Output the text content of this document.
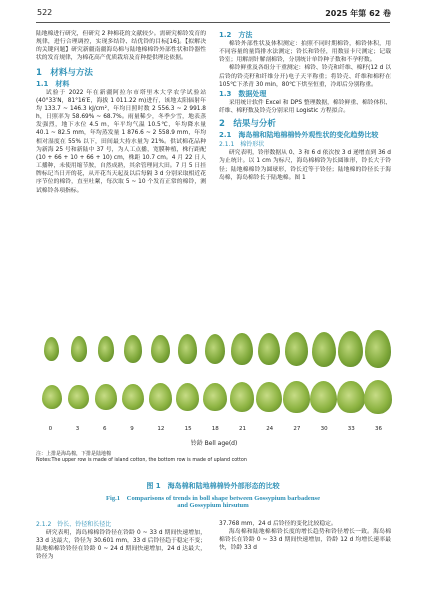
522	2025 年第 62 卷

陆地棉进行研究，但研究 2 种棉花的文献较少。需研究棉铃发育的规律，进行合理调控，实现多结铃、结优铃的目标[16]。【拟解决的关键问题】研究新疆南疆海岛棉与陆地棉棉铃外部性状和铃器性状的发育规律，为棉花高产优质栽培及育种提供理论依据。

1　材料与方法
1.1　材料

试验于 2022 年在新疆阿拉尔市塔里木大学农学试验站(40°33′N，81°16′E，海拔 1 011.22 m)进行，该地太阳辐射年均 133.7 ~ 146.3 kJ/cm²，年均日照时数 2 556.3 ~ 2 991.8 h，日照率为 58.69% ~ 68.7%。雨量稀少，冬季少雪，地表蒸发强烈，地下水位 4.5 m，年平均气温 10.5℃，年均降水量 40.1 ~ 82.5 mm，年均蒸发量 1 876.6 ~ 2 558.9 mm，年均相对湿度在 55% 以下，田间最大持水量为 21%。供试棉花品种为新海 25 号和新陆中 37 号，为人工点播，宽膜种植，株行距配(10 + 66 + 10 + 66 + 10) cm，株距 10.7 cm。4 月 22 日人工播种，未使用缩节胺，自然成熟，其余管理同大田。7 月 5 日挂牌标记当日开的花，从开花当天起及以后每隔 3 d 分别采取相近花序节位的棉铃，直至吐絮，每次取 5 ~ 10 个发育正常的棉铃，测试棉铃各项指标。

1.2　方法

棉铃外部性状及体积测定：拍照不同时期棉铃，棉铃体积，用不同容量的量筒排水法测定；铃长和铃径，用数显卡尺测定；记载铃室；用解剖针解剖棉铃，分别统计单铃种子数和不孕籽数。

棉铃鲜重及各组分干重测定：棉铃、铃壳和纤维、棉籽(12 d 以后铃的铃壳籽和纤维分开)电子天平称重；将铃壳、纤维和棉籽在 105℃下杀青 30 min，80℃下烘至恒重，冷却后分别称重。

1.3　数据处理

采用统计软件 Excel 和 DPS 整理数据，棉铃鲜重、棉铃体积、纤维、棉籽数及铃壳分别采用 Logistic 方程拟合。

2　结果与分析
2.1　海岛棉和陆地棉棉铃外观性状的变化趋势比较
2.1.1　棉铃形状

研究表明，铃形数据从 0、3 和 6 d 依次按 3 d 递增直到 36 d 为止统计。以 1 cm 为标尺，海岛棉棉铃为长圆锥形，铃长大于铃径；陆地棉棉铃为圆球形，铃长近等于铃径；陆地棉的铃径长于海岛棉，海岛棉铃长于陆地棉。图 1

0	3	6	9	12	15	18	21	24	27	30	33	36
铃龄 Bell age(d)
注：上排是海岛棉，下排是陆地棉
Notes:The upper row is made of island cotton, the bottom row is made of upland cotton
图 1　海岛棉和陆地棉棉铃外部形态的比较
Fig.1　Comparisons of trends in boll shape between Gossypium barbadense
and Gossypium hirsutum
2.1.2　铃长、铃径和长径比

研究表明，海岛棉棉铃铃径在铃龄 0 ~ 33 d 期间快速增加，33 d 达最大，铃径为 30.601 mm，33 d 后铃径趋于稳定不变；陆地棉棉铃铃径在铃龄 0 ~ 24 d 期间快速增加，24 d 达最大，铃径为

37.768 mm，24 d 后铃径的变化比较稳定。

海岛棉和陆地棉棉铃长度的增长趋势和铃径增长一致。海岛棉棉铃长在铃龄 0 ~ 33 d 期间快速增加，铃龄 12 d 均增长速率最快，铃龄 33 d
